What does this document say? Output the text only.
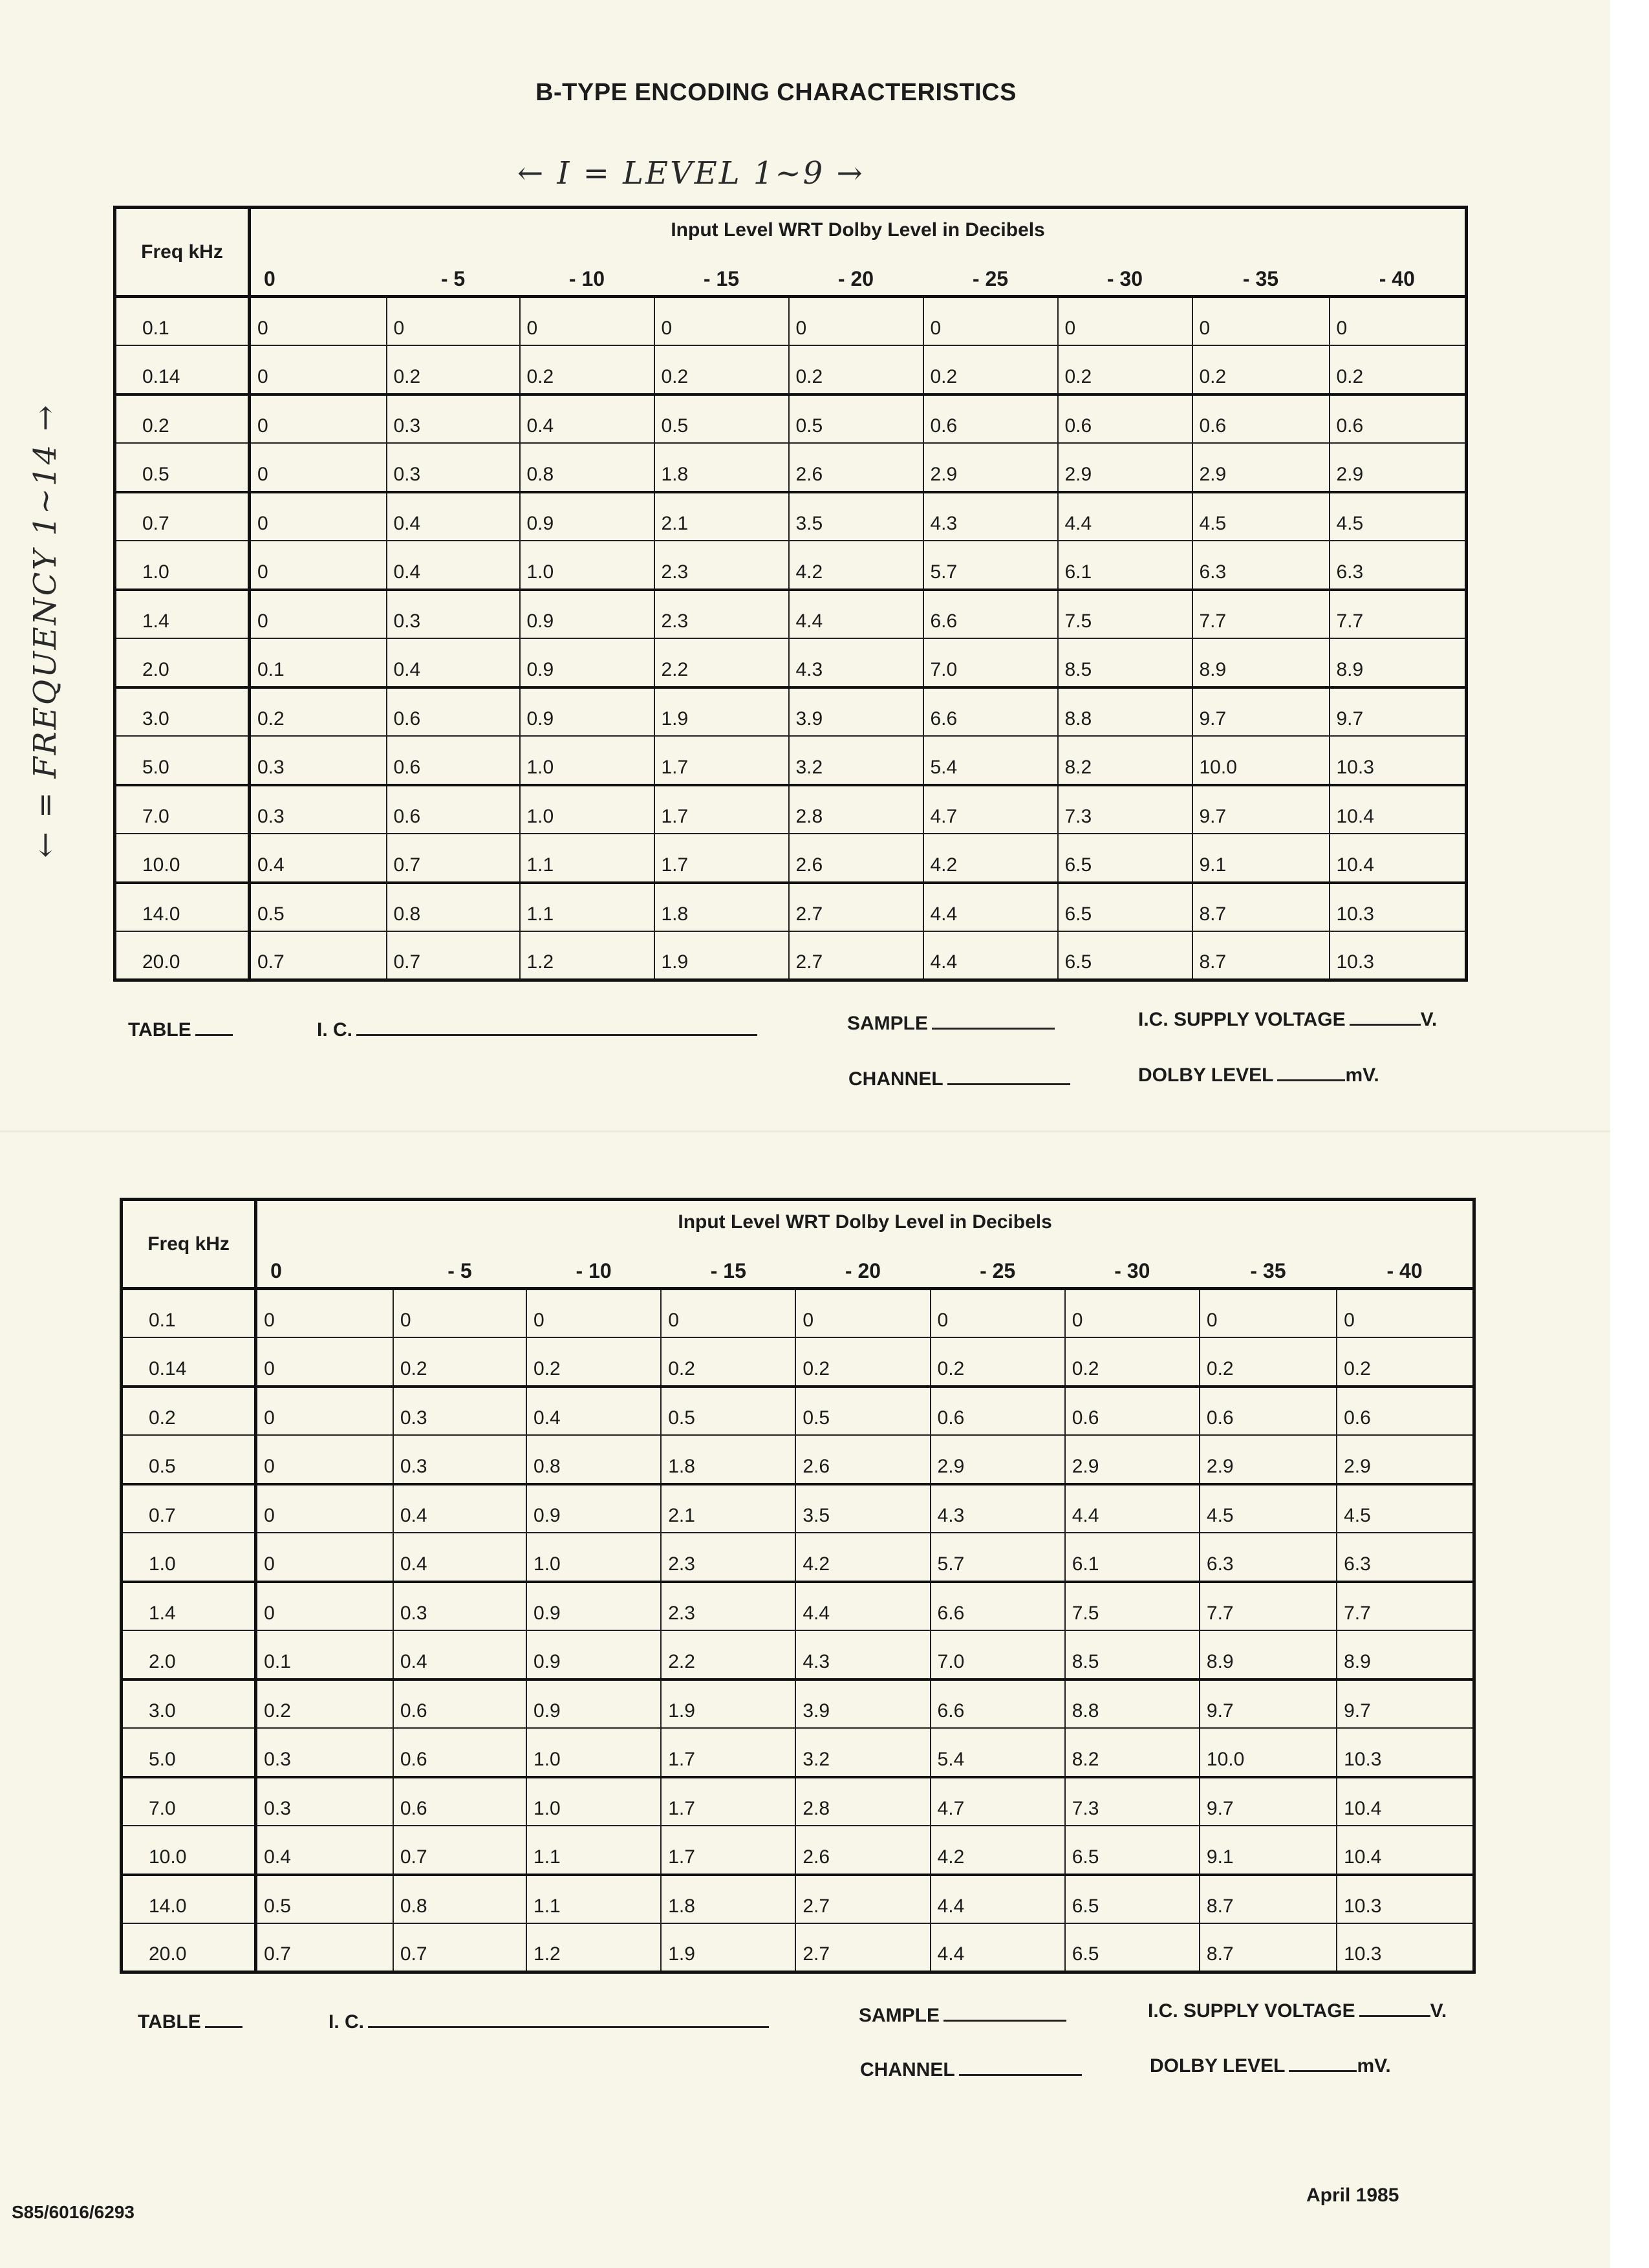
B-TYPE ENCODING CHARACTERISTICS
← I = LEVEL 1~9 →
← = FREQUENCY 1~14 →
Freq kHz	Input Level WRT Dolby Level in Decibels								
	0	- 5	- 10	- 15	- 20	- 25	- 30	- 35	- 40
0.1	0	0	0	0	0	0	0	0	0
0.14	0	0.2	0.2	0.2	0.2	0.2	0.2	0.2	0.2
0.2	0	0.3	0.4	0.5	0.5	0.6	0.6	0.6	0.6
0.5	0	0.3	0.8	1.8	2.6	2.9	2.9	2.9	2.9
0.7	0	0.4	0.9	2.1	3.5	4.3	4.4	4.5	4.5
1.0	0	0.4	1.0	2.3	4.2	5.7	6.1	6.3	6.3
1.4	0	0.3	0.9	2.3	4.4	6.6	7.5	7.7	7.7
2.0	0.1	0.4	0.9	2.2	4.3	7.0	8.5	8.9	8.9
3.0	0.2	0.6	0.9	1.9	3.9	6.6	8.8	9.7	9.7
5.0	0.3	0.6	1.0	1.7	3.2	5.4	8.2	10.0	10.3
7.0	0.3	0.6	1.0	1.7	2.8	4.7	7.3	9.7	10.4
10.0	0.4	0.7	1.1	1.7	2.6	4.2	6.5	9.1	10.4
14.0	0.5	0.8	1.1	1.8	2.7	4.4	6.5	8.7	10.3
20.0	0.7	0.7	1.2	1.9	2.7	4.4	6.5	8.7	10.3
TABLE	I. C.	SAMPLE	I.C. SUPPLY VOLTAGE	V.
CHANNEL	DOLBY LEVEL	mV.
Freq kHz	Input Level WRT Dolby Level in Decibels								
	0	- 5	- 10	- 15	- 20	- 25	- 30	- 35	- 40
0.1	0	0	0	0	0	0	0	0	0
0.14	0	0.2	0.2	0.2	0.2	0.2	0.2	0.2	0.2
0.2	0	0.3	0.4	0.5	0.5	0.6	0.6	0.6	0.6
0.5	0	0.3	0.8	1.8	2.6	2.9	2.9	2.9	2.9
0.7	0	0.4	0.9	2.1	3.5	4.3	4.4	4.5	4.5
1.0	0	0.4	1.0	2.3	4.2	5.7	6.1	6.3	6.3
1.4	0	0.3	0.9	2.3	4.4	6.6	7.5	7.7	7.7
2.0	0.1	0.4	0.9	2.2	4.3	7.0	8.5	8.9	8.9
3.0	0.2	0.6	0.9	1.9	3.9	6.6	8.8	9.7	9.7
5.0	0.3	0.6	1.0	1.7	3.2	5.4	8.2	10.0	10.3
7.0	0.3	0.6	1.0	1.7	2.8	4.7	7.3	9.7	10.4
10.0	0.4	0.7	1.1	1.7	2.6	4.2	6.5	9.1	10.4
14.0	0.5	0.8	1.1	1.8	2.7	4.4	6.5	8.7	10.3
20.0	0.7	0.7	1.2	1.9	2.7	4.4	6.5	8.7	10.3
TABLE	I. C.	SAMPLE	I.C. SUPPLY VOLTAGE	V.
CHANNEL	DOLBY LEVEL	mV.
S85/6016/6293
April 1985
